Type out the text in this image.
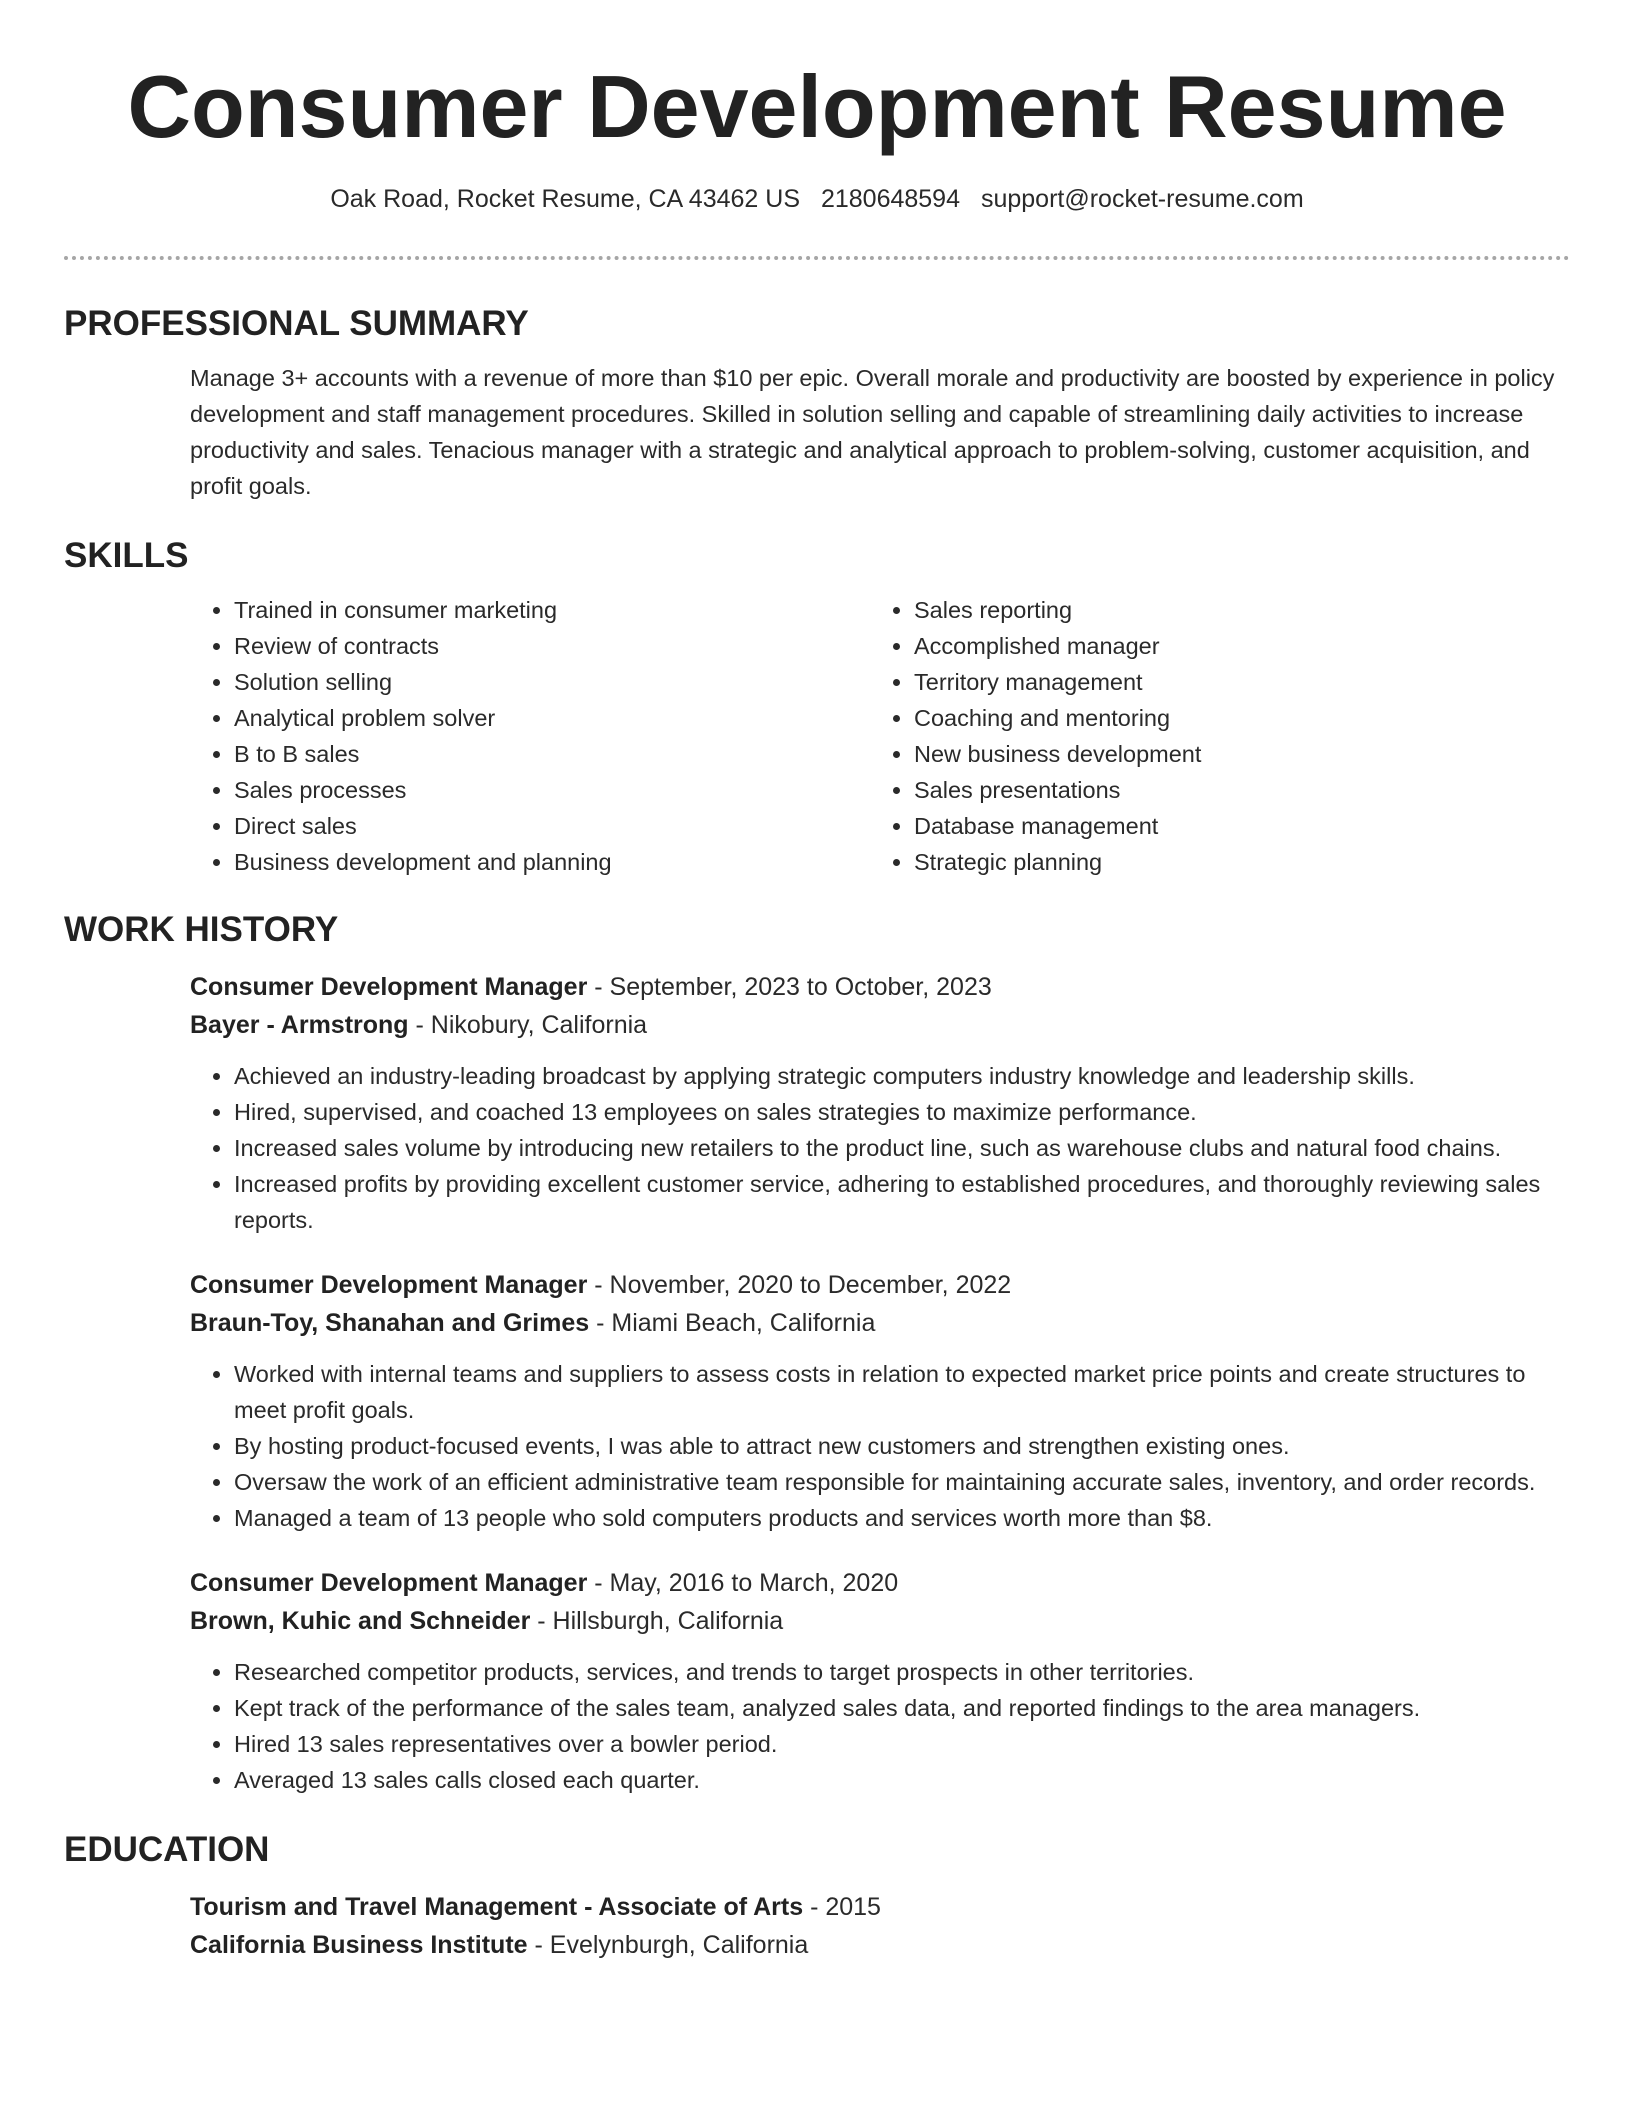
Consumer Development Resume
Oak Road, Rocket Resume, CA 43462 US 2180648594 support@rocket-resume.com
PROFESSIONAL SUMMARY

Manage 3+ accounts with a revenue of more than $10 per epic. Overall morale and productivity are boosted by experience in policy development and staff management procedures. Skilled in solution selling and capable of streamlining daily activities to increase productivity and sales. Tenacious manager with a strategic and analytical approach to problem-solving, customer acquisition, and profit goals.

SKILLS
• Trained in consumer marketing
• Review of contracts
• Solution selling
• Analytical problem solver
• B to B sales
• Sales processes
• Direct sales
• Business development and planning
• Sales reporting
• Accomplished manager
• Territory management
• Coaching and mentoring
• New business development
• Sales presentations
• Database management
• Strategic planning
WORK HISTORY
Consumer Development Manager - September, 2023 to October, 2023
Bayer - Armstrong - Nikobury, California
• Achieved an industry-leading broadcast by applying strategic computers industry knowledge and leadership skills.
• Hired, supervised, and coached 13 employees on sales strategies to maximize performance.
• Increased sales volume by introducing new retailers to the product line, such as warehouse clubs and natural food chains.
• Increased profits by providing excellent customer service, adhering to established procedures, and thoroughly reviewing sales reports.
Consumer Development Manager - November, 2020 to December, 2022
Braun-Toy, Shanahan and Grimes - Miami Beach, California
• Worked with internal teams and suppliers to assess costs in relation to expected market price points and create structures to meet profit goals.
• By hosting product-focused events, I was able to attract new customers and strengthen existing ones.
• Oversaw the work of an efficient administrative team responsible for maintaining accurate sales, inventory, and order records.
• Managed a team of 13 people who sold computers products and services worth more than $8.
Consumer Development Manager - May, 2016 to March, 2020
Brown, Kuhic and Schneider - Hillsburgh, California
• Researched competitor products, services, and trends to target prospects in other territories.
• Kept track of the performance of the sales team, analyzed sales data, and reported findings to the area managers.
• Hired 13 sales representatives over a bowler period.
• Averaged 13 sales calls closed each quarter.
EDUCATION
Tourism and Travel Management - Associate of Arts - 2015
California Business Institute - Evelynburgh, California
